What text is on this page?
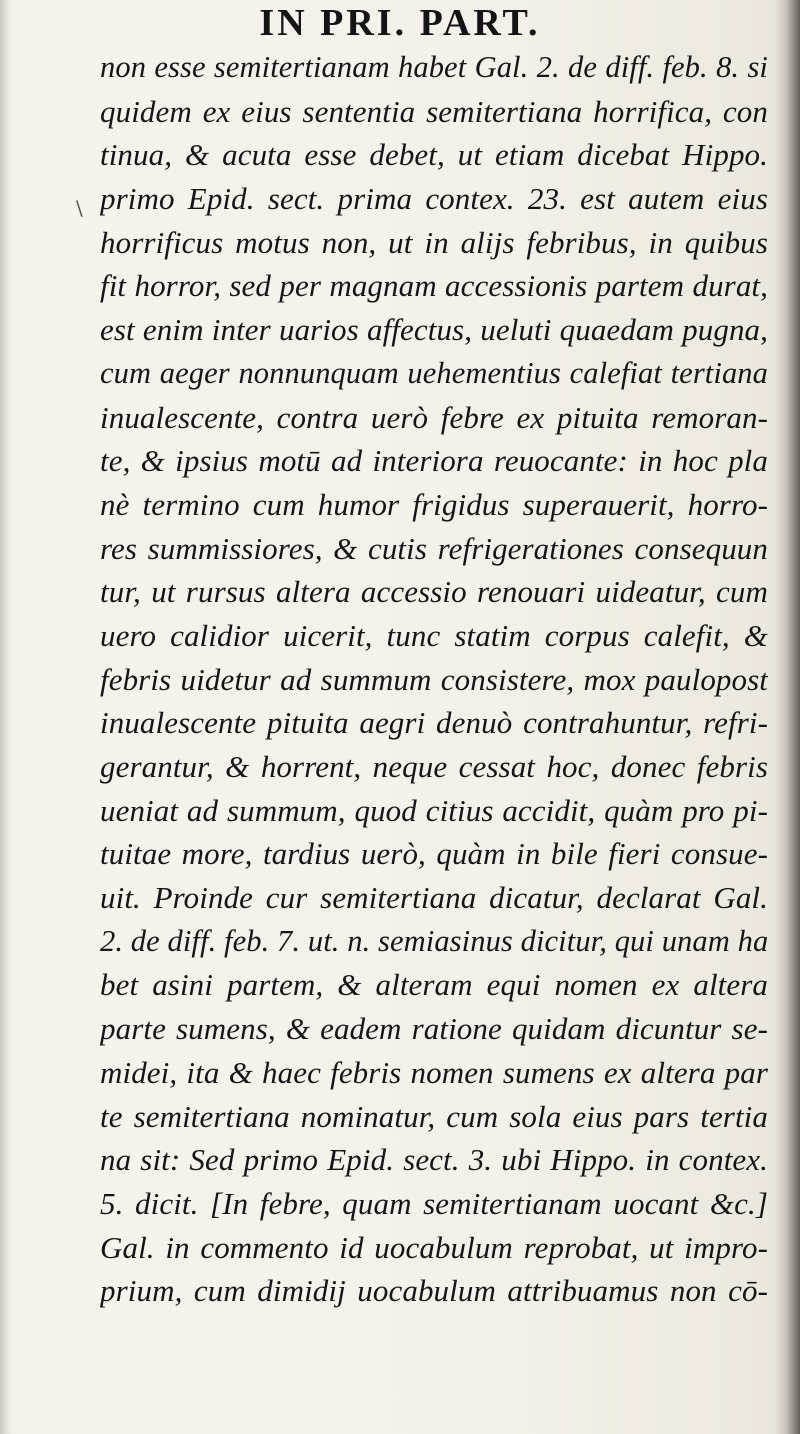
IN PRI. PART.
\
non esse semitertianam habet Gal. 2. de diff. feb. 8. si
quidem ex eius sententia semitertiana horrifica, con
tinua, & acuta esse debet, ut etiam dicebat Hippo.
primo Epid. sect. prima contex. 23. est autem eius
horrificus motus non, ut in alijs febribus, in quibus
fit horror, sed per magnam accessionis partem durat,
est enim inter uarios affectus, ueluti quaedam pugna,
cum aeger nonnunquam uehementius calefiat tertiana
inualescente, contra uerò febre ex pituita remoran-
te, & ipsius motū ad interiora reuocante: in hoc pla
nè termino cum humor frigidus superauerit, horro-
res summissiores, & cutis refrigerationes consequun
tur, ut rursus altera accessio renouari uideatur, cum
uero calidior uicerit, tunc statim corpus calefit, &
febris uidetur ad summum consistere, mox paulopost
inualescente pituita aegri denuò contrahuntur, refri-
gerantur, & horrent, neque cessat hoc, donec febris
ueniat ad summum, quod citius accidit, quàm pro pi-
tuitae more, tardius uerò, quàm in bile fieri consue-
uit. Proinde cur semitertiana dicatur, declarat Gal.
2. de diff. feb. 7. ut. n. semiasinus dicitur, qui unam ha
bet asini partem, & alteram equi nomen ex altera
parte sumens, & eadem ratione quidam dicuntur se-
midei, ita & haec febris nomen sumens ex altera par
te semitertiana nominatur, cum sola eius pars tertia
na sit: Sed primo Epid. sect. 3. ubi Hippo. in contex.
5. dicit. [In febre, quam semitertianam uocant &c.]
Gal. in commento id uocabulum reprobat, ut impro-
prium, cum dimidij uocabulum attribuamus non cō-
